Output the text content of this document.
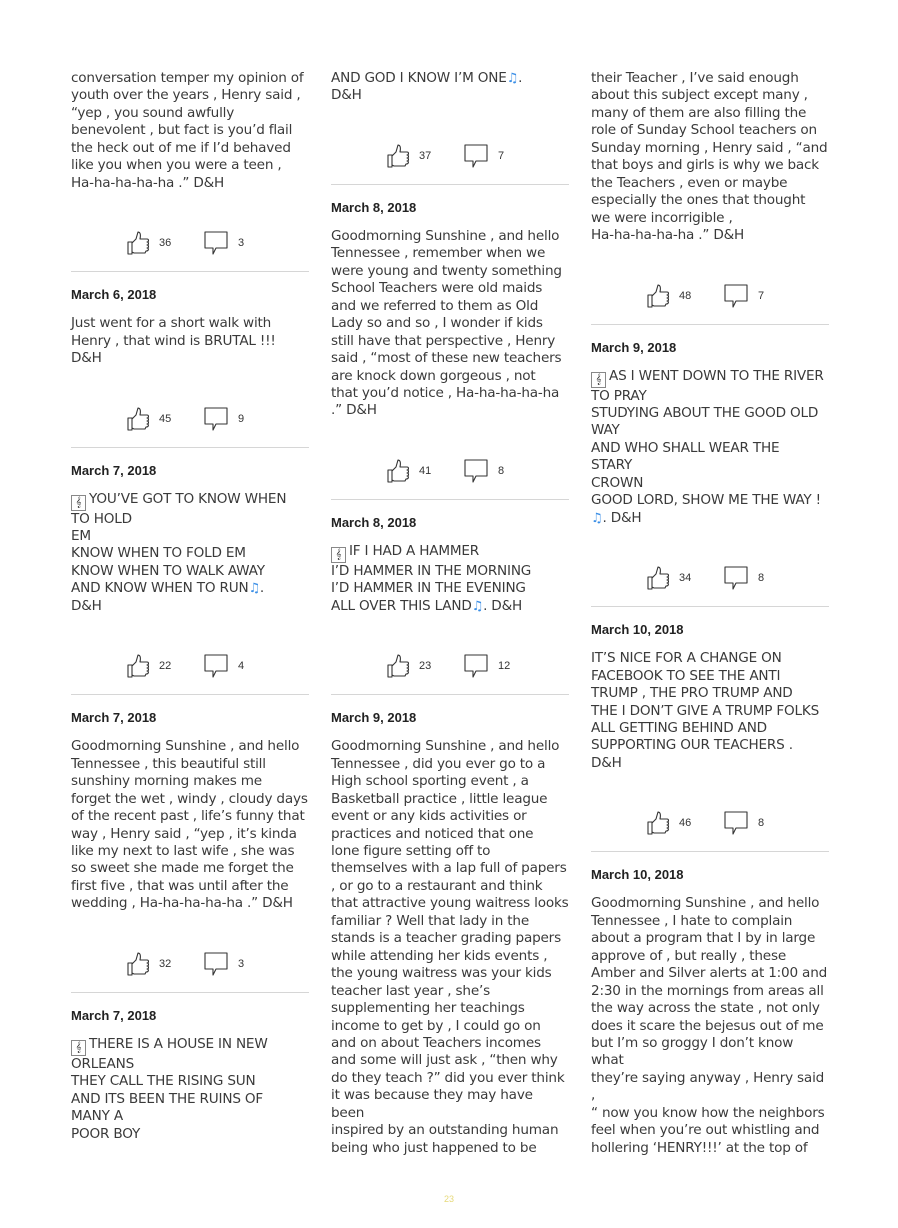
conversation temper my opinion of
youth over the years , Henry said ,
“yep , you sound awfully
benevolent , but fact is you’d flail
the heck out of me if I’d behaved
like you when you were a teen ,
Ha-ha-ha-ha-ha .” D&H
36	3
March 6, 2018
Just went for a short walk with
Henry , that wind is BRUTAL !!! D&H
45	9
March 7, 2018
𝄞 YOU’VE GOT TO KNOW WHEN
TO HOLD
EM
KNOW WHEN TO FOLD EM
KNOW WHEN TO WALK AWAY
AND KNOW WHEN TO RUN♫.
D&H
22	4
March 7, 2018
Goodmorning Sunshine , and hello
Tennessee , this beautiful still
sunshiny morning makes me
forget the wet , windy , cloudy days
of the recent past , life’s funny that
way , Henry said , “yep , it’s kinda
like my next to last wife , she was
so sweet she made me forget the
first five , that was until after the
wedding , Ha-ha-ha-ha-ha .” D&H
32	3
March 7, 2018
𝄞 THERE IS A HOUSE IN NEW
ORLEANS
THEY CALL THE RISING SUN
AND ITS BEEN THE RUINS OF
MANY A
POOR BOY
AND GOD I KNOW I’M ONE♫.
D&H
37	7
March 8, 2018
Goodmorning Sunshine , and hello
Tennessee , remember when we
were young and twenty something
School Teachers were old maids
and we referred to them as Old
Lady so and so , I wonder if kids
still have that perspective , Henry
said , “most of these new teachers
are knock down gorgeous , not
that you’d notice , Ha-ha-ha-ha-ha
.” D&H
41	8
March 8, 2018
𝄞 IF I HAD A HAMMER
I’D HAMMER IN THE MORNING
I’D HAMMER IN THE EVENING
ALL OVER THIS LAND♫. D&H
23	12
March 9, 2018
Goodmorning Sunshine , and hello
Tennessee , did you ever go to a
High school sporting event , a
Basketball practice , little league
event or any kids activities or
practices and noticed that one
lone figure setting off to
themselves with a lap full of papers
, or go to a restaurant and think
that attractive young waitress looks
familiar ? Well that lady in the
stands is a teacher grading papers
while attending her kids events ,
the young waitress was your kids
teacher last year , she’s
supplementing her teachings
income to get by , I could go on
and on about Teachers incomes
and some will just ask , “then why
do they teach ?” did you ever think
it was because they may have been
inspired by an outstanding human
being who just happened to be
their Teacher , I’ve said enough
about this subject except many ,
many of them are also filling the
role of Sunday School teachers on
Sunday morning , Henry said , “and
that boys and girls is why we back
the Teachers , even or maybe
especially the ones that thought
we were incorrigible ,
Ha-ha-ha-ha-ha .” D&H
48	7
March 9, 2018
𝄞 AS I WENT DOWN TO THE RIVER
TO PRAY
STUDYING ABOUT THE GOOD OLD
WAY
AND WHO SHALL WEAR THE
STARY
CROWN
GOOD LORD, SHOW ME THE WAY !
♫. D&H
34	8
March 10, 2018
IT’S NICE FOR A CHANGE ON
FACEBOOK TO SEE THE ANTI
TRUMP , THE PRO TRUMP AND
THE I DON’T GIVE A TRUMP FOLKS
ALL GETTING BEHIND AND
SUPPORTING OUR TEACHERS .
D&H
46	8
March 10, 2018
Goodmorning Sunshine , and hello
Tennessee , I hate to complain
about a program that I by in large
approve of , but really , these
Amber and Silver alerts at 1:00 and
2:30 in the mornings from areas all
the way across the state , not only
does it scare the bejesus out of me
but I’m so groggy I don’t know what
they’re saying anyway , Henry said ,
“ now you know how the neighbors
feel when you’re out whistling and
hollering ‘HENRY!!!’ at the top of
23
